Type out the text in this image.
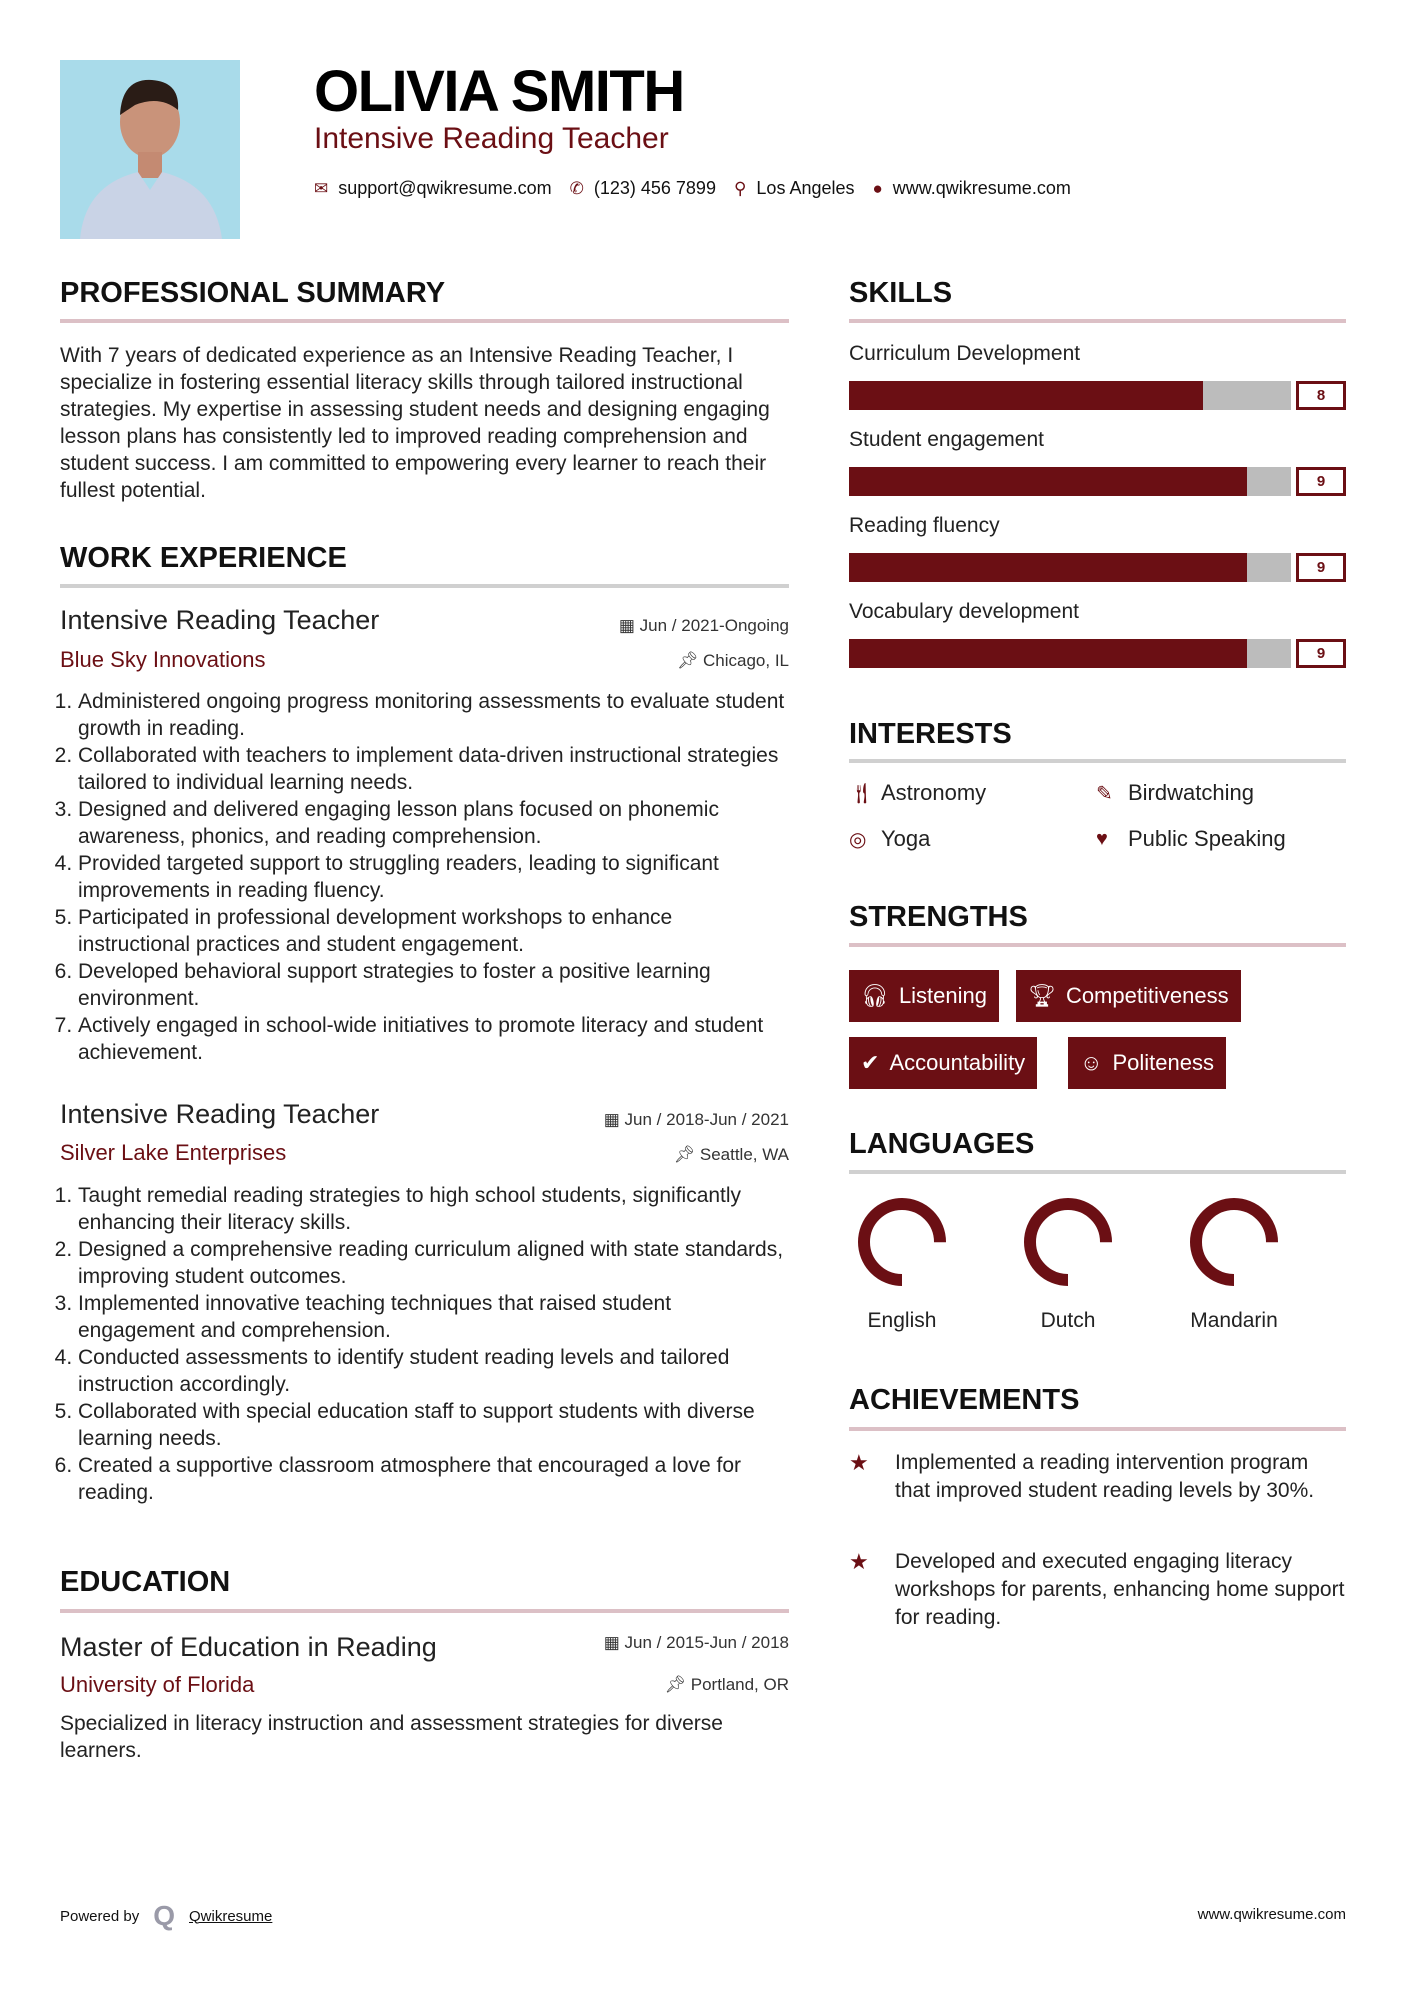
OLIVIA SMITH
Intensive Reading Teacher
✉ support@qwikresume.com ✆ (123) 456 7899 ⚲ Los Angeles ● www.qwikresume.com
PROFESSIONAL SUMMARY
With 7 years of dedicated experience as an Intensive Reading Teacher, I specialize in fostering essential literacy skills through tailored instructional strategies. My expertise in assessing student needs and designing engaging lesson plans has consistently led to improved reading comprehension and student success. I am committed to empowering every learner to reach their fullest potential.
WORK EXPERIENCE
Intensive Reading Teacher	▦ Jun / 2021-Ongoing
Blue Sky Innovations	📌︎ Chicago, IL
1. Administered ongoing progress monitoring assessments to evaluate student growth in reading.
2. Collaborated with teachers to implement data-driven instructional strategies tailored to individual learning needs.
3. Designed and delivered engaging lesson plans focused on phonemic awareness, phonics, and reading comprehension.
4. Provided targeted support to struggling readers, leading to significant improvements in reading fluency.
5. Participated in professional development workshops to enhance instructional practices and student engagement.
6. Developed behavioral support strategies to foster a positive learning environment.
7. Actively engaged in school-wide initiatives to promote literacy and student achievement.
Intensive Reading Teacher	▦ Jun / 2018-Jun / 2021
Silver Lake Enterprises	📌︎ Seattle, WA
1. Taught remedial reading strategies to high school students, significantly enhancing their literacy skills.
2. Designed a comprehensive reading curriculum aligned with state standards, improving student outcomes.
3. Implemented innovative teaching techniques that raised student engagement and comprehension.
4. Conducted assessments to identify student reading levels and tailored instruction accordingly.
5. Collaborated with special education staff to support students with diverse learning needs.
6. Created a supportive classroom atmosphere that encouraged a love for reading.
EDUCATION
Master of Education in Reading	▦ Jun / 2015-Jun / 2018
University of Florida	📌︎ Portland, OR
Specialized in literacy instruction and assessment strategies for diverse learners.
SKILLS
Curriculum Development
8
Student engagement
9
Reading fluency
9
Vocabulary development
9
INTERESTS
🍴︎ Astronomy	✎ Birdwatching
◎ Yoga	♥ Public Speaking
STRENGTHS
🎧︎ Listening 🏆︎ Competitiveness
✔ Accountability ☺ Politeness
LANGUAGES
English	Dutch	Mandarin
ACHIEVEMENTS
★	Implemented a reading intervention program that improved student reading levels by 30%.
★	Developed and executed engaging literacy workshops for parents, enhancing home support for reading.
Powered by Q Qwikresume	www.qwikresume.com
